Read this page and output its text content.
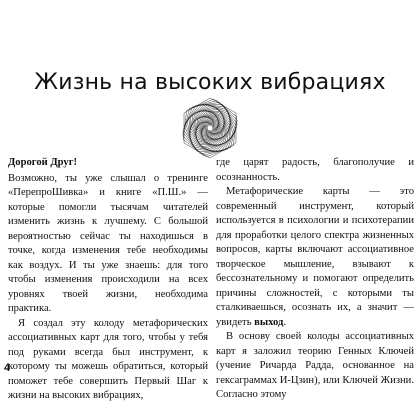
Жизнь на высоких вибрациях

Дорогой Друг!

Возможно, ты уже слышал о тренинге «ПерепроШивка» и книге «П.Ш.» — которые помогли тысячам читателей изменить жизнь к лучшему. С большой вероятностью сейчас ты находишься в точке, когда изменения тебе необходимы как воздух. И ты уже знаешь: для того чтобы изменения происходили на всех уровнях твоей жизни, необходима практика.

Я создал эту колоду метафорических ассоциативных карт для того, чтобы у тебя под руками всегда был инструмент, к которому ты можешь обратиться, который поможет тебе совершить Первый Шаг к жизни на высоких вибрациях,

где царят радость, благополучие и осознанность.

Метафорические карты — это современный инструмент, который используется в психологии и психотерапии для проработки целого спектра жизненных вопросов, карты включают ассоциативное творческое мышление, взывают к бессознательному и помогают определить причины сложностей, с которыми ты сталкиваешься, осознать их, а значит — увидеть выход.

В основу своей колоды ассоциативных карт я заложил теорию Генных Ключей (учение Ричарда Радда, основанное на гексаграммах И-Цзин), или Ключей Жизни. Согласно этому

4
